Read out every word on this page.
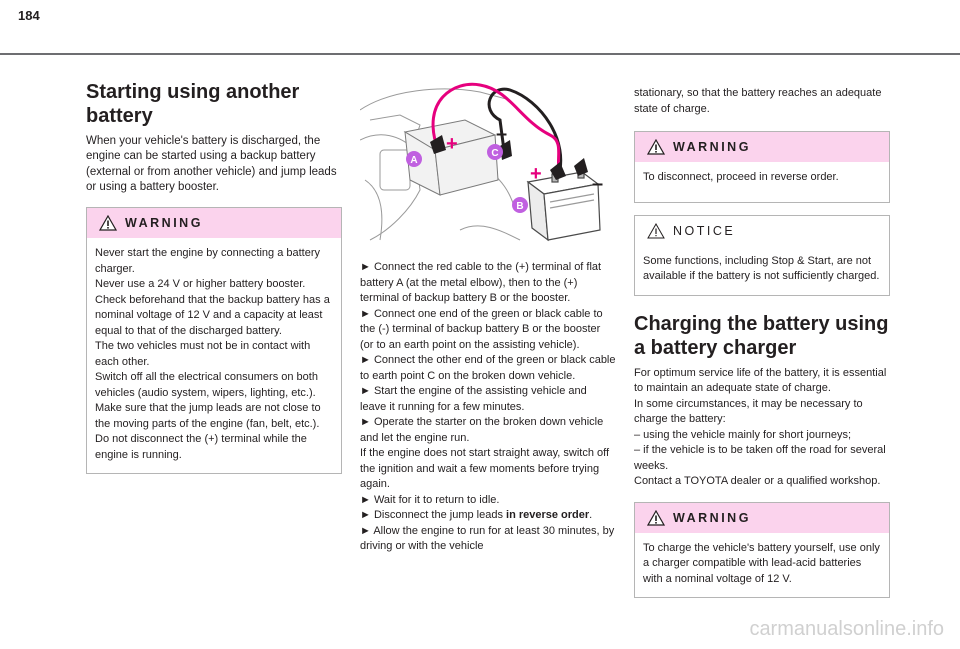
184
Starting using another battery

When your vehicle's battery is discharged, the engine can be started using a backup battery (external or from another vehicle) and jump leads or using a battery booster.

WARNING

Never start the engine by connecting a battery charger.

Never use a 24 V or higher battery booster.

Check beforehand that the backup battery has a nominal voltage of 12 V and a capacity at least equal to that of the discharged battery.

The two vehicles must not be in contact with each other.

Switch off all the electrical consumers on both vehicles (audio system, wipers, lighting, etc.).

Make sure that the jump leads are not close to the moving parts of the engine (fan, belt, etc.).

Do not disconnect the (+) terminal while the engine is running.

+
+
–
–
A
C
B

► Connect the red cable to the (+) terminal of flat battery A (at the metal elbow), then to the (+) terminal of backup battery B or the booster.

► Connect one end of the green or black cable to the (-) terminal of backup battery B or the booster (or to an earth point on the assisting vehicle).

► Connect the other end of the green or black cable to earth point C on the broken down vehicle.

► Start the engine of the assisting vehicle and leave it running for a few minutes.

► Operate the starter on the broken down vehicle and let the engine run.

If the engine does not start straight away, switch off the ignition and wait a few moments before trying again.

► Wait for it to return to idle.

► Disconnect the jump leads in reverse order.

► Allow the engine to run for at least 30 minutes, by driving or with the vehicle

stationary, so that the battery reaches an adequate state of charge.

WARNING

To disconnect, proceed in reverse order.

NOTICE

Some functions, including Stop & Start, are not available if the battery is not sufficiently charged.

Charging the battery using a battery charger

For optimum service life of the battery, it is essential to maintain an adequate state of charge.

In some circumstances, it may be necessary to charge the battery:

– using the vehicle mainly for short journeys;

– if the vehicle is to be taken off the road for several weeks.

Contact a TOYOTA dealer or a qualified workshop.

WARNING

To charge the vehicle's battery yourself, use only a charger compatible with lead-acid batteries with a nominal voltage of 12 V.

carmanualsonline.info
